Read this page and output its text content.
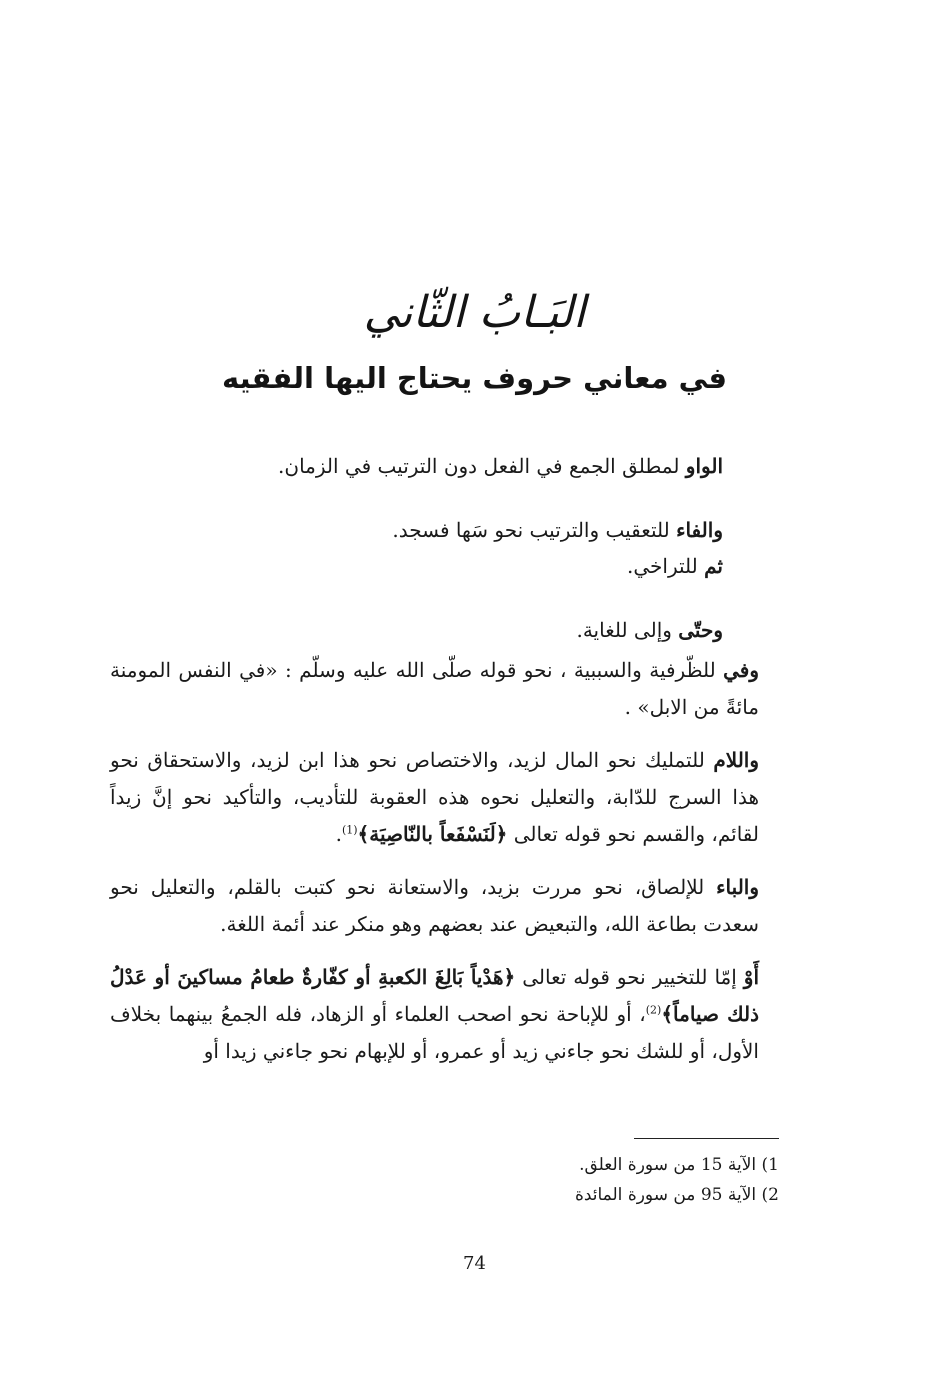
البَـابُ الثّاني
في معاني حروف يحتاج اليها الفقيه

الواو لمطلق الجمع في الفعل دون الترتيب في الزمان.

والفاء للتعقيب والترتيب نحو سَها فسجد.

ثم للتراخي.

وحتّى وإلى للغاية.

وفي للظّرفية والسببية ، نحو قوله صلّى الله عليه وسلّم : «في النفس المومنة مائةً من الابل» .

واللام للتمليك نحو المال لزيد، والاختصاص نحو هذا ابن لزيد، والاستحقاق نحو هذا السرج للدّابة، والتعليل نحوه هذه العقوبة للتأديب، والتأكيد نحو إنَّ زيداً لقائم، والقسم نحو قوله تعالى ﴿لَنَسْفَعاً بالنّاصِيَة﴾$^{(1)}$.

والباء للإلصاق، نحو مررت بزيد، والاستعانة نحو كتبت بالقلم، والتعليل نحو سعدت بطاعة الله، والتبعيض عند بعضهم وهو منكر عند أئمة اللغة.

أَوْ إمّا للتخيير نحو قوله تعالى ﴿هَدْياً بَالِغَ الكعبةِ أو كفّارةٌ طعامُ مساكينَ أو عَدْلُ ذلك صياماً﴾$^{(2)}$، أو للإباحة نحو اصحب العلماء أو الزهاد، فله الجمعُ بينهما بخلاف الأول، أو للشك نحو جاءني زيد أو عمرو، أو للإبهام نحو جاءني زيدا أو

1) الآية 15 من سورة العلق.

2) الآية 95 من سورة المائدة

74
